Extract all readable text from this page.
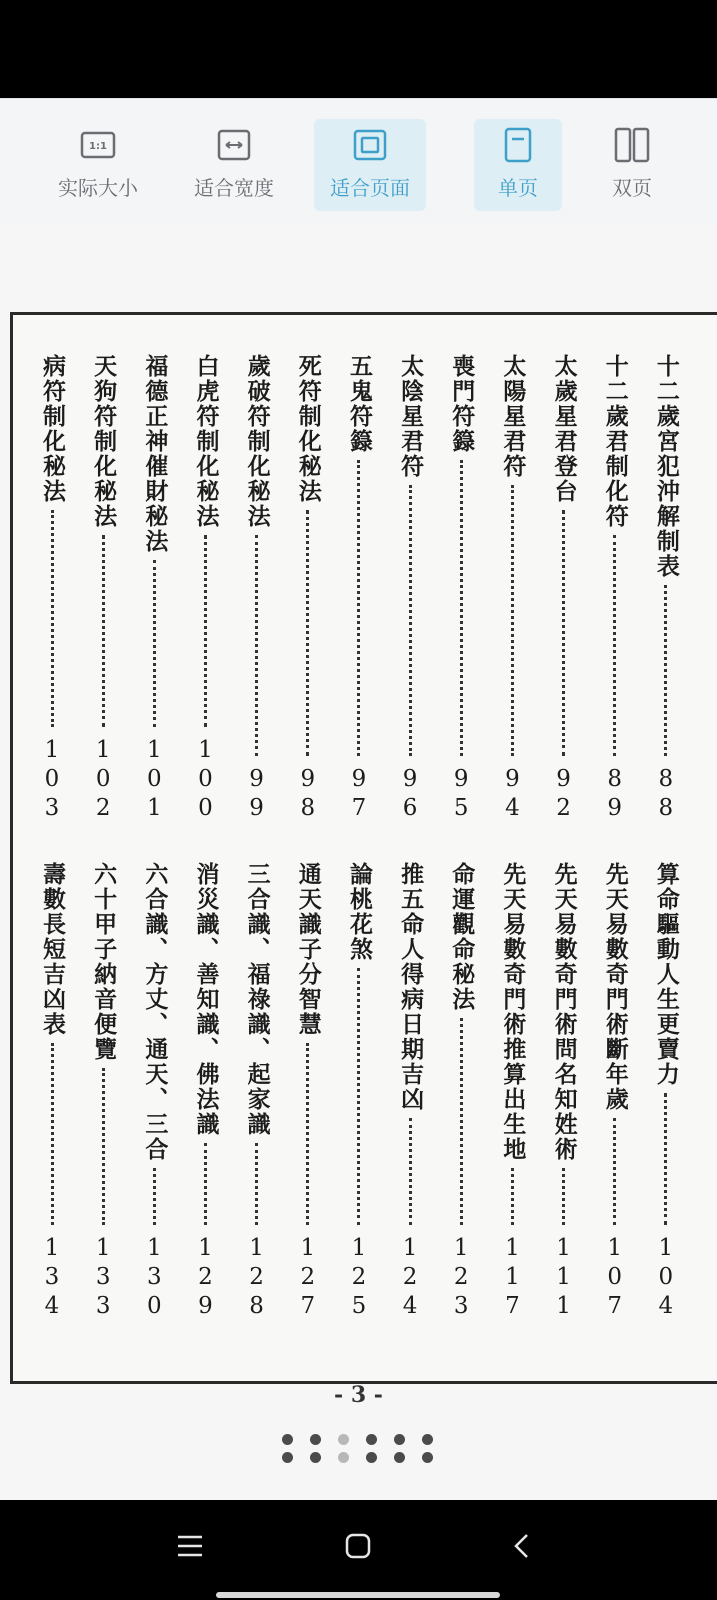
1:1
实际大小	适合宽度	适合页面	单页	双页
十二歲宮犯沖解制表
88
十二歲君制化符
89
太歲星君登台
92
太陽星君符
94
喪門符籙
95
太陰星君符
96
五鬼符籙
97
死符制化秘法
98
歲破符制化秘法
99
白虎符制化秘法
100
福德正神催財秘法
101
天狗符制化秘法
102
病符制化秘法
103
算命驅動人生更賣力
104
先天易數奇門術斷年歲
107
先天易數奇門術問名知姓術
111
先天易數奇門術推算出生地
117
命運觀命秘法
123
推五命人得病日期吉凶
124
論桃花煞
125
通天識子分智慧
127
三合識、福祿識、起家識
128
消災識、善知識、佛法識
129
六合識、方丈、通天、三合
130
六十甲子納音便覽
133
壽數長短吉凶表
134
- 3 -
